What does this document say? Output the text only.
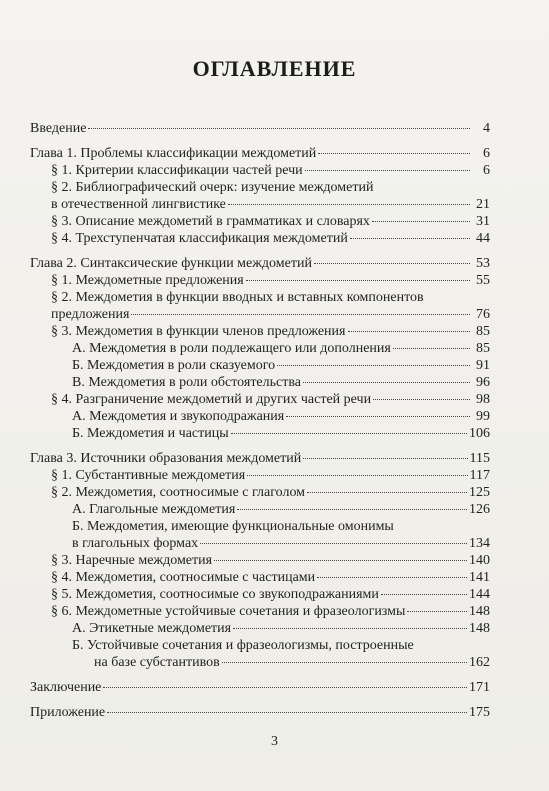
ОГЛАВЛЕНИЕ
Введение	4
Глава 1. Проблемы классификации междометий	6
§ 1. Критерии классификации частей речи	6
§ 2. Библиографический очерк: изучение междометий
в отечественной лингвистике	21
§ 3. Описание междометий в грамматиках и словарях	31
§ 4. Трехступенчатая классификация междометий	44
Глава 2. Синтаксические функции междометий	53
§ 1. Междометные предложения	55
§ 2. Междометия в функции вводных и вставных компонентов
предложения	76
§ 3. Междометия в функции членов предложения	85
А. Междометия в роли подлежащего или дополнения	85
Б. Междометия в роли сказуемого	91
В. Междометия в роли обстоятельства	96
§ 4. Разграничение междометий и других частей речи	98
А. Междометия и звукоподражания	99
Б. Междометия и частицы	106
Глава 3. Источники образования междометий	115
§ 1. Субстантивные междометия	117
§ 2. Междометия, соотносимые с глаголом	125
А. Глагольные междометия	126
Б. Междометия, имеющие функциональные омонимы
в глагольных формах	134
§ 3. Наречные междометия	140
§ 4. Междометия, соотносимые с частицами	141
§ 5. Междометия, соотносимые со звукоподражаниями	144
§ 6. Междометные устойчивые сочетания и фразеологизмы	148
А. Этикетные междометия	148
Б. Устойчивые сочетания и фразеологизмы, построенные
на базе субстантивов	162
Заключение	171
Приложение	175
3
